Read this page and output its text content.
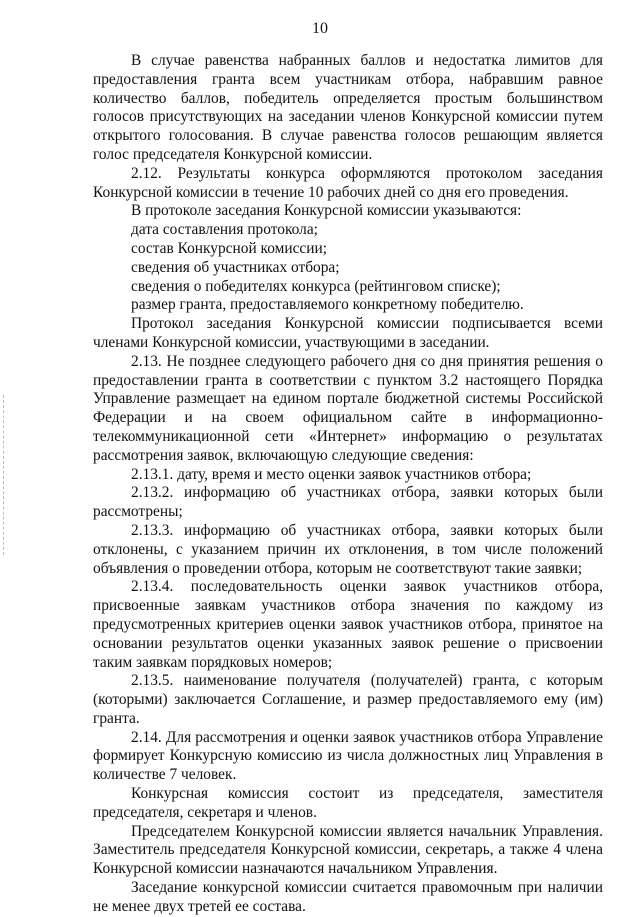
10

В случае равенства набранных баллов и недостатка лимитов для предоставления гранта всем участникам отбора, набравшим равное количество баллов, победитель определяется простым большинством голосов присутствующих на заседании членов Конкурсной комиссии путем открытого голосования. В случае равенства голосов решающим является голос председателя Конкурсной комиссии.

2.12. Результаты конкурса оформляются протоколом заседания Конкурсной комиссии в течение 10 рабочих дней со дня его проведения.

В протоколе заседания Конкурсной комиссии указываются:

дата составления протокола;

состав Конкурсной комиссии;

сведения об участниках отбора;

сведения о победителях конкурса (рейтинговом списке);

размер гранта, предоставляемого конкретному победителю.

Протокол заседания Конкурсной комиссии подписывается всеми членами Конкурсной комиссии, участвующими в заседании.

2.13. Не позднее следующего рабочего дня со дня принятия решения о предоставлении гранта в соответствии с пунктом 3.2 настоящего Порядка Управление размещает на едином портале бюджетной системы Российской Федерации и на своем официальном сайте в информационно-телекоммуникационной сети «Интернет» информацию о результатах рассмотрения заявок, включающую следующие сведения:

2.13.1. дату, время и место оценки заявок участников отбора;

2.13.2. информацию об участниках отбора, заявки которых были рассмотрены;

2.13.3. информацию об участниках отбора, заявки которых были отклонены, с указанием причин их отклонения, в том числе положений объявления о проведении отбора, которым не соответствуют такие заявки;

2.13.4. последовательность оценки заявок участников отбора, присвоенные заявкам участников отбора значения по каждому из предусмотренных критериев оценки заявок участников отбора, принятое на основании результатов оценки указанных заявок решение о присвоении таким заявкам порядковых номеров;

2.13.5. наименование получателя (получателей) гранта, с которым (которыми) заключается Соглашение, и размер предоставляемого ему (им) гранта.

2.14. Для рассмотрения и оценки заявок участников отбора Управление формирует Конкурсную комиссию из числа должностных лиц Управления в количестве 7 человек.

Конкурсная комиссия состоит из председателя, заместителя председателя, секретаря и членов.

Председателем Конкурсной комиссии является начальник Управления. Заместитель председателя Конкурсной комиссии, секретарь, а также 4 члена Конкурсной комиссии назначаются начальником Управления.

Заседание конкурсной комиссии считается правомочным при наличии не менее двух третей ее состава.
